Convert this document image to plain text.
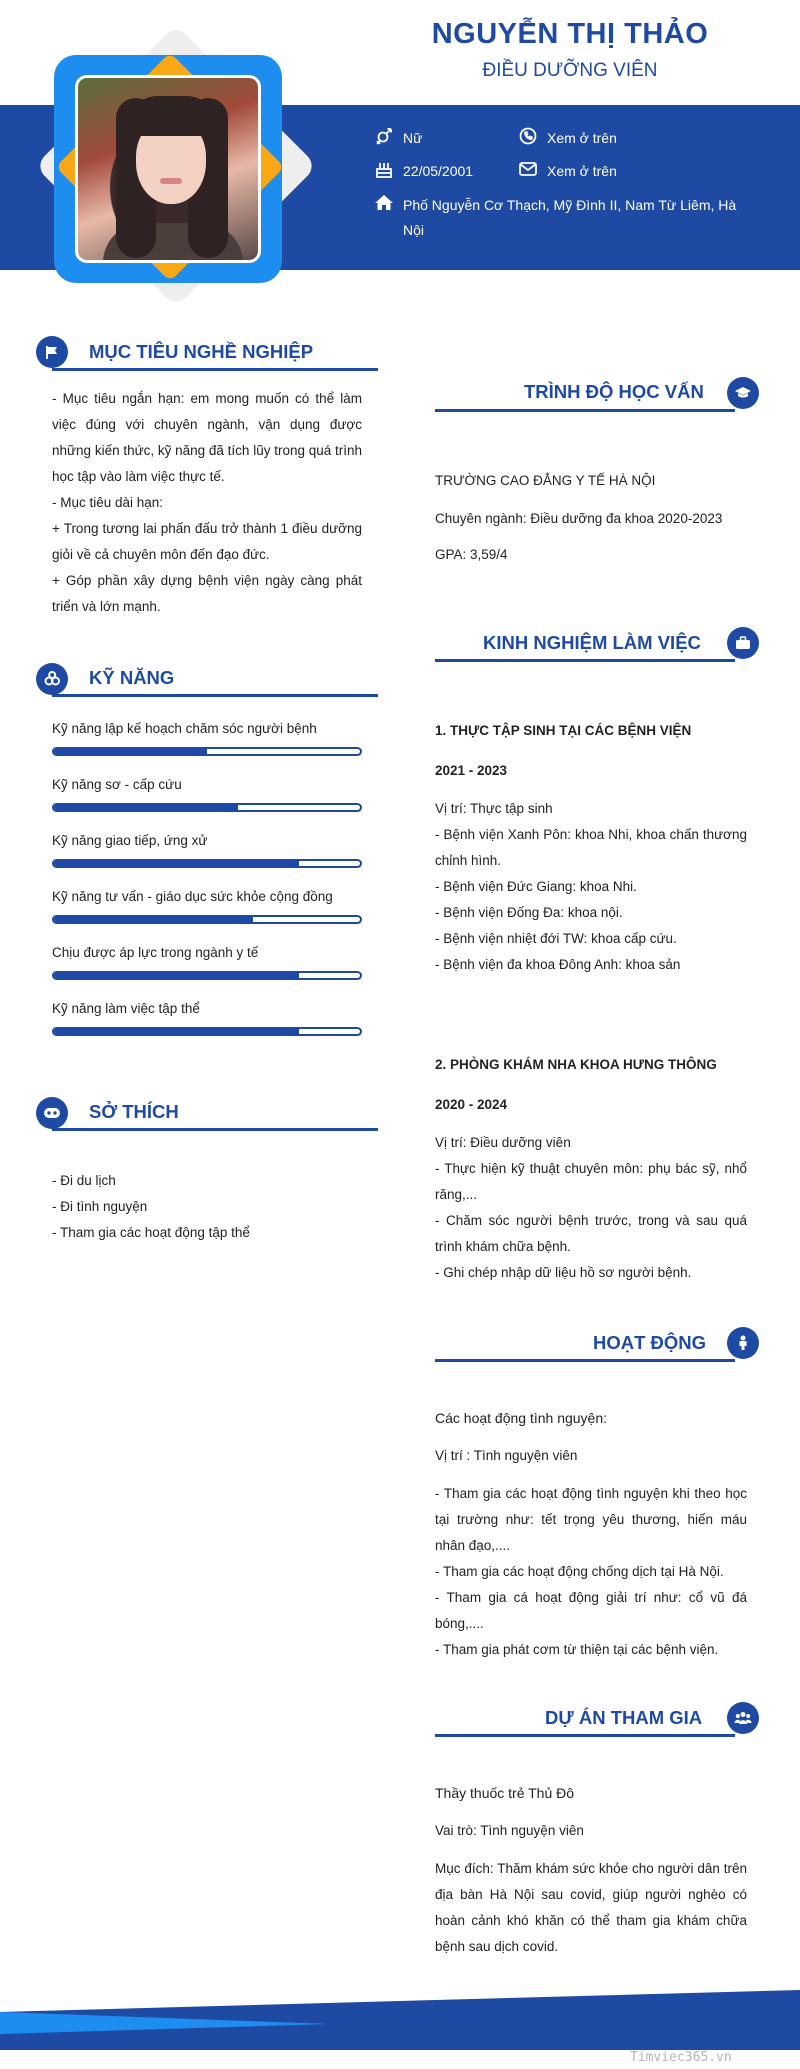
NGUYỄN THỊ THẢO
ĐIỀU DƯỠNG VIÊN
Nữ	Xem ở trên
22/05/2001	Xem ở trên
Phố Nguyễn Cơ Thạch, Mỹ Đình II, Nam Từ Liêm, Hà
Nội
MỤC TIÊU NGHỀ NGHIỆP

- Mục tiêu ngắn hạn: em mong muốn có thể làm việc đúng với chuyên ngành, vận dụng được những kiến thức, kỹ năng đã tích lũy trong quá trình học tập vào làm việc thực tế.

- Mục tiêu dài hạn:

+ Trong tương lai phấn đấu trở thành 1 điều dưỡng giỏi về cả chuyên môn đến đạo đức.

+ Góp phần xây dựng bệnh viện ngày càng phát triển và lớn mạnh.

KỸ NĂNG
Kỹ năng lập kế hoạch chăm sóc người bệnh
Kỹ năng sơ - cấp cứu
Kỹ năng giao tiếp, ứng xử
Kỹ năng tư vấn - giáo dục sức khỏe cộng đồng
Chịu được áp lực trong ngành y tế
Kỹ năng làm việc tập thể
SỞ THÍCH

- Đi du lịch

- Đi tình nguyện

- Tham gia các hoạt động tập thể

TRÌNH ĐỘ HỌC VẤN
TRƯỜNG CAO ĐẲNG Y TẾ HÀ NỘI
Chuyên ngành: Điều dưỡng đa khoa 2020-2023
GPA: 3,59/4
KINH NGHIỆM LÀM VIỆC
1. THỰC TẬP SINH TẠI CÁC BỆNH VIỆN
2021 - 2023
Vị trí: Thực tập sinh
- Bệnh viện Xanh Pôn: khoa Nhi, khoa chấn thương chỉnh hình.
- Bệnh viện Đức Giang: khoa Nhi.
- Bệnh viện Đống Đa: khoa nội.
- Bệnh viện nhiệt đới TW: khoa cấp cứu.
- Bệnh viện đa khoa Đông Anh: khoa sản
2. PHÒNG KHÁM NHA KHOA HƯNG THÔNG
2020 - 2024
Vị trí: Điều dưỡng viên
- Thực hiện kỹ thuật chuyên môn: phụ bác sỹ, nhổ răng,...
- Chăm sóc người bệnh trước, trong và sau quá trình khám chữa bệnh.
- Ghi chép nhập dữ liệu hồ sơ người bệnh.
HOẠT ĐỘNG
Các hoạt động tình nguyện:
Vị trí : Tình nguyện viên
- Tham gia các hoạt động tình nguyện khi theo học tại trường như: tết trọng yêu thương, hiến máu nhân đạo,....
- Tham gia các hoạt động chống dịch tại Hà Nội.
- Tham gia cá hoạt động giải trí như: cổ vũ đá bóng,....
- Tham gia phát cơm từ thiện tại các bệnh viện.
DỰ ÁN THAM GIA
Thầy thuốc trẻ Thủ Đô
Vai trò: Tình nguyện viên
Mục đích: Thăm khám sức khỏe cho người dân trên địa bàn Hà Nội sau covid, giúp người nghèo có hoàn cảnh khó khăn có thể tham gia khám chữa bệnh sau dịch covid.
Timviec365.vn
